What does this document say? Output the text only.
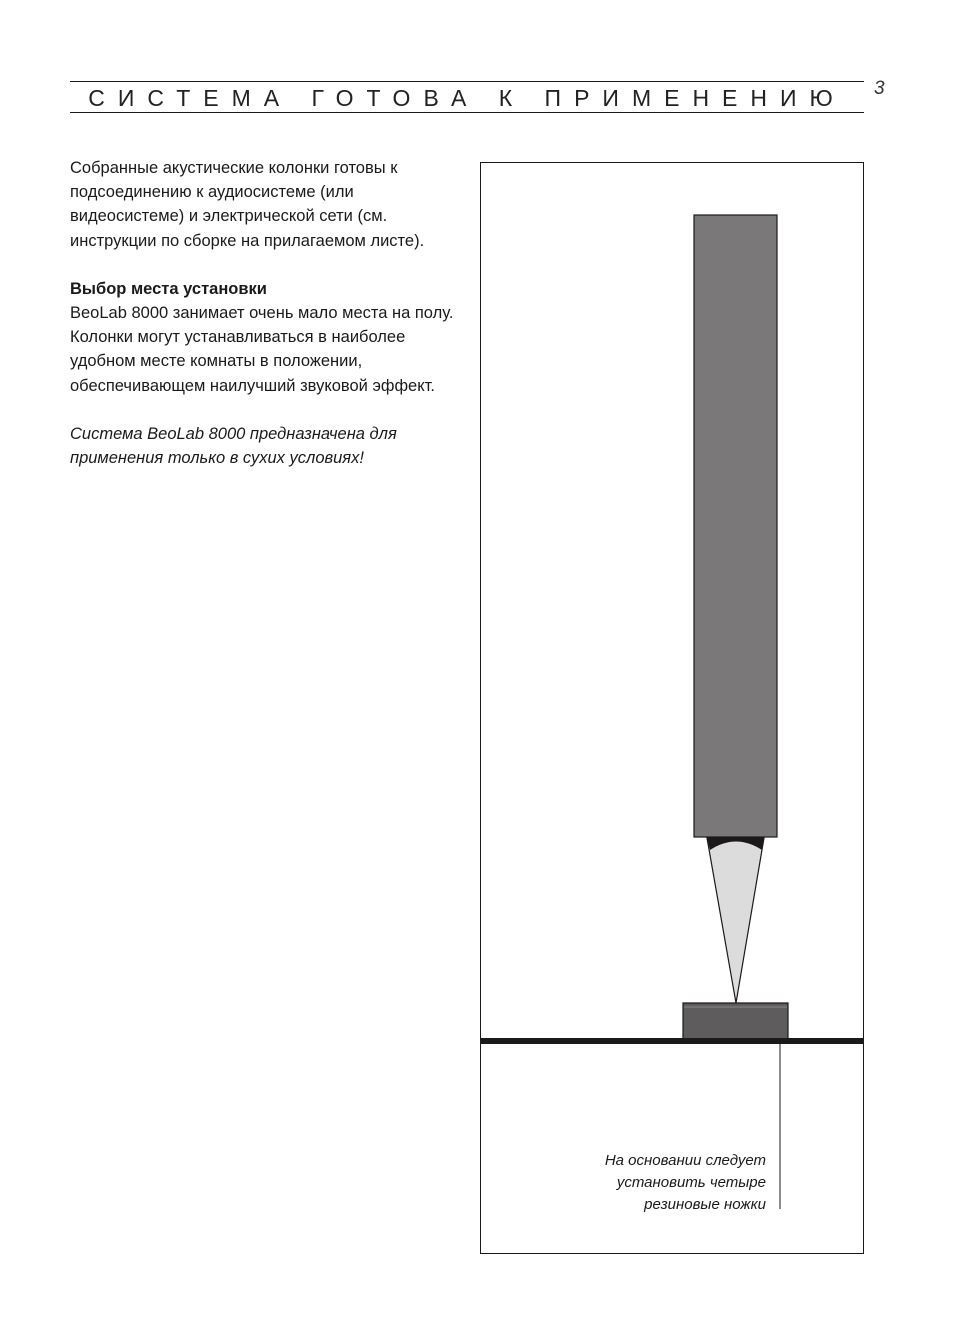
СИСТЕМА ГОТОВА К ПРИМЕНЕНИЮ	3

Собранные акустические колонки готовы к подсоединению к аудиосистеме (или видеосистеме) и электрической сети (см. инструкции по сборке на прилагаемом листе).

Выбор места установки

BeoLab 8000 занимает очень мало места на полу. Колонки могут устанавливаться в наиболее удобном месте комнаты в положении, обеспечивающем наилучший звуковой эффект.

Система BeoLab 8000 предназначена для применения только в сухих условиях!

На основании следует установить четыре резиновые ножки
